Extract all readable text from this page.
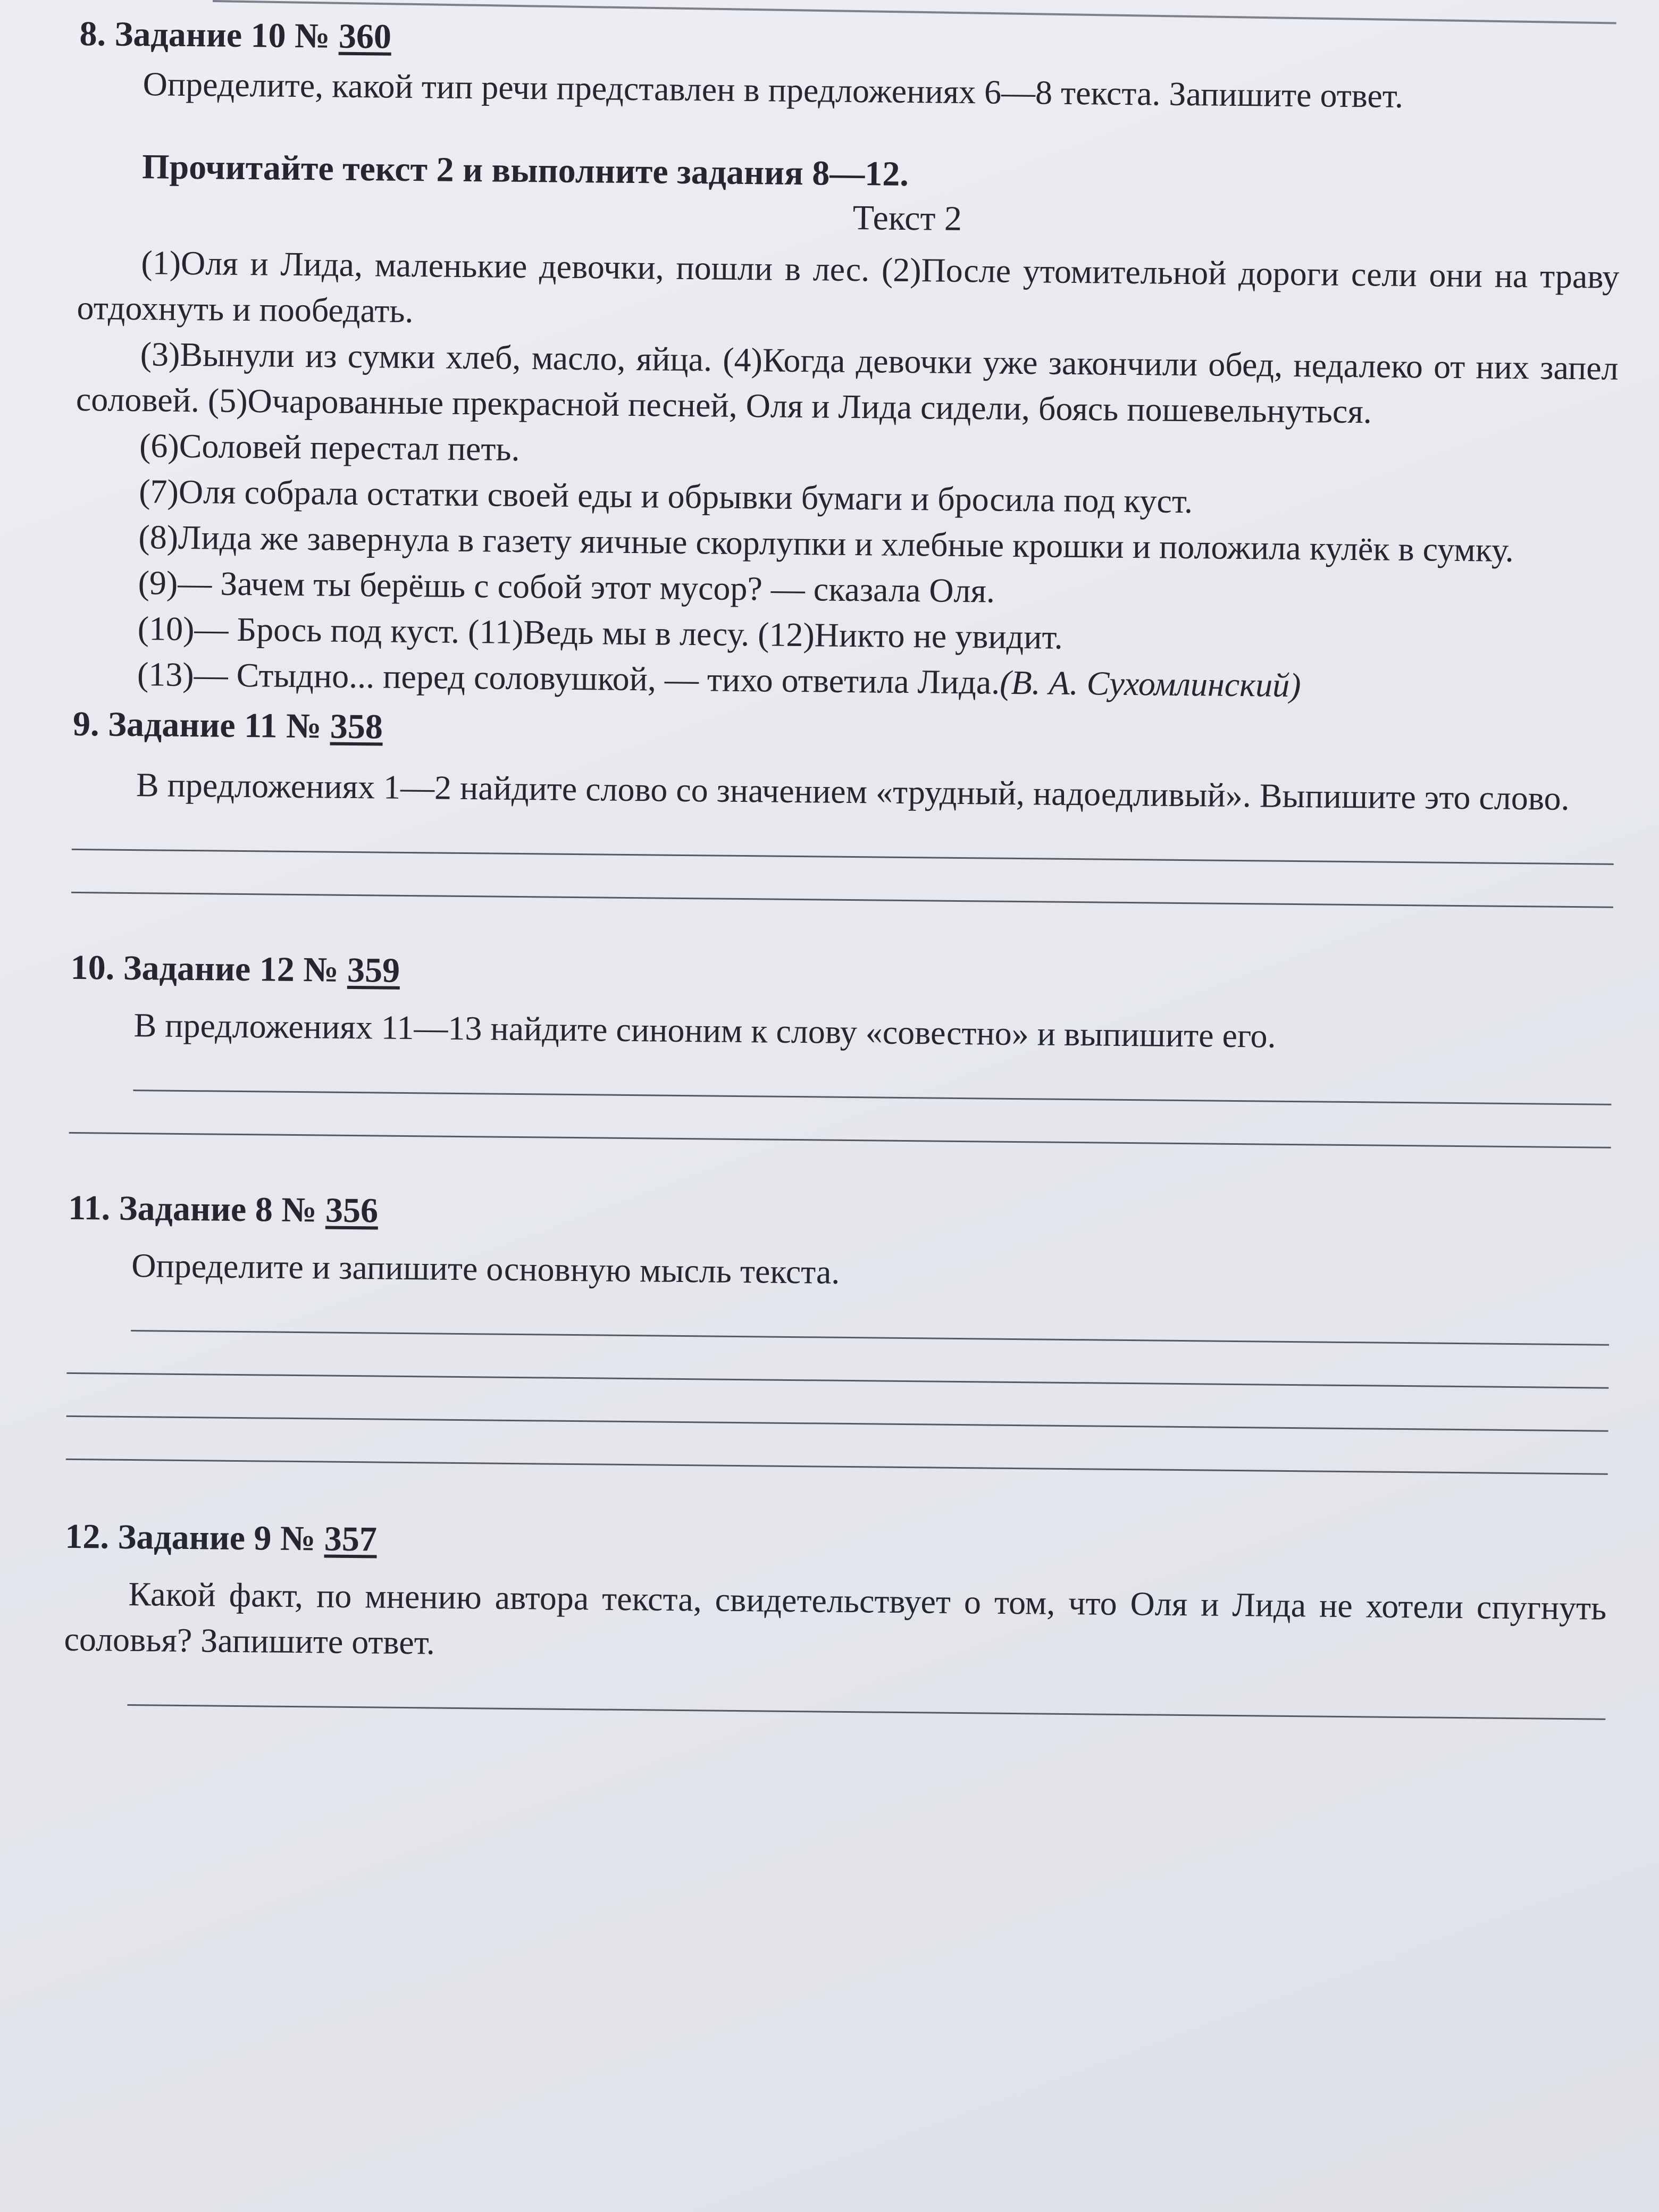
8. Задание 10 № 360

Определите, какой тип речи представлен в предложениях 6—8 текста. Запишите ответ.

Прочитайте текст 2 и выполните задания 8—12.
Текст 2

(1)Оля и Лида, маленькие девочки, пошли в лес. (2)После утомительной дороги сели они на траву отдохнуть и пообедать.

(3)Вынули из сумки хлеб, масло, яйца. (4)Когда девочки уже закончили обед, недалеко от них запел соловей. (5)Очарованные прекрасной песней, Оля и Лида сидели, боясь пошевельнуться.

(6)Соловей перестал петь.

(7)Оля собрала остатки своей еды и обрывки бумаги и бросила под куст.

(8)Лида же завернула в газету яичные скорлупки и хлебные крошки и положила кулёк в сумку.

(9)— Зачем ты берёшь с собой этот мусор? — сказала Оля.

(10)— Брось под куст. (11)Ведь мы в лесу. (12)Никто не увидит.

(13)— Стыдно... перед соловушкой, — тихо ответила Лида.(В. А. Сухомлинский)

9. Задание 11 № 358

В предложениях 1—2 найдите слово со значением «трудный, надоедливый». Выпишите это слово.

10. Задание 12 № 359

В предложениях 11—13 найдите синоним к слову «совестно» и выпишите его.

11. Задание 8 № 356

Определите и запишите основную мысль текста.

12. Задание 9 № 357

Какой факт, по мнению автора текста, свидетельствует о том, что Оля и Лида не хотели спугнуть соловья? Запишите ответ.
